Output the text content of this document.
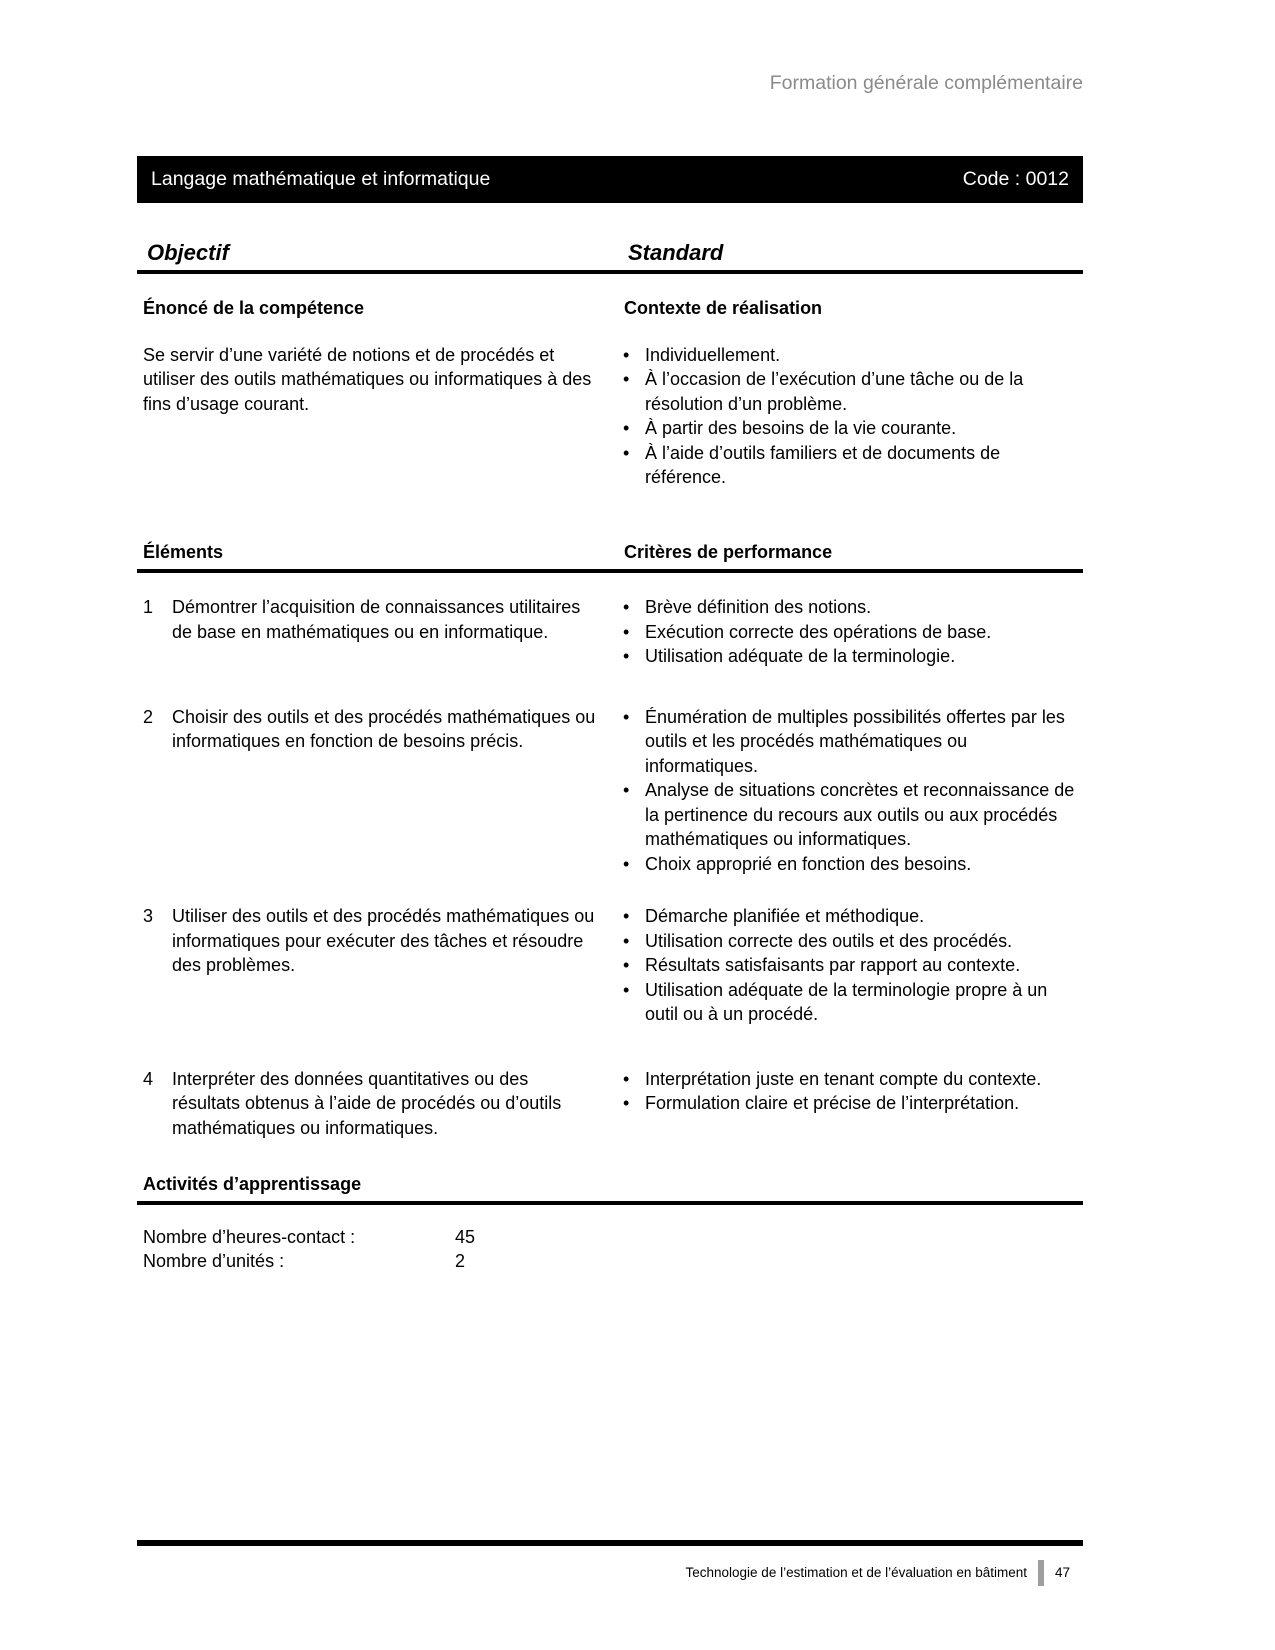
Formation générale complémentaire
Langage mathématique et informatique	Code : 0012
Objectif	Standard
Énoncé de la compétence	Contexte de réalisation
Se servir d’une variété de notions et de procédés et utiliser des outils mathématiques ou informatiques à des fins d’usage courant.
• Individuellement.
• À l’occasion de l’exécution d’une tâche ou de la résolution d’un problème.
• À partir des besoins de la vie courante.
• À l’aide d’outils familiers et de documents de référence.
Éléments	Critères de performance
1	Démontrer l’acquisition de connaissances utilitaires de base en mathématiques ou en informatique.
• Brève définition des notions.
• Exécution correcte des opérations de base.
• Utilisation adéquate de la terminologie.
2	Choisir des outils et des procédés mathématiques ou informatiques en fonction de besoins précis.
• Énumération de multiples possibilités offertes par les outils et les procédés mathématiques ou informatiques.
• Analyse de situations concrètes et reconnaissance de la pertinence du recours aux outils ou aux procédés mathématiques ou informatiques.
• Choix approprié en fonction des besoins.
3	Utiliser des outils et des procédés mathématiques ou informatiques pour exécuter des tâches et résoudre des problèmes.
• Démarche planifiée et méthodique.
• Utilisation correcte des outils et des procédés.
• Résultats satisfaisants par rapport au contexte.
• Utilisation adéquate de la terminologie propre à un outil ou à un procédé.
4	Interpréter des données quantitatives ou des résultats obtenus à l’aide de procédés ou d’outils mathématiques ou informatiques.
• Interprétation juste en tenant compte du contexte.
• Formulation claire et précise de l’interprétation.
Activités d’apprentissage
Nombre d’heures-contact :	45
Nombre d’unités :	2
Technologie de l’estimation et de l’évaluation en bâtiment 47
